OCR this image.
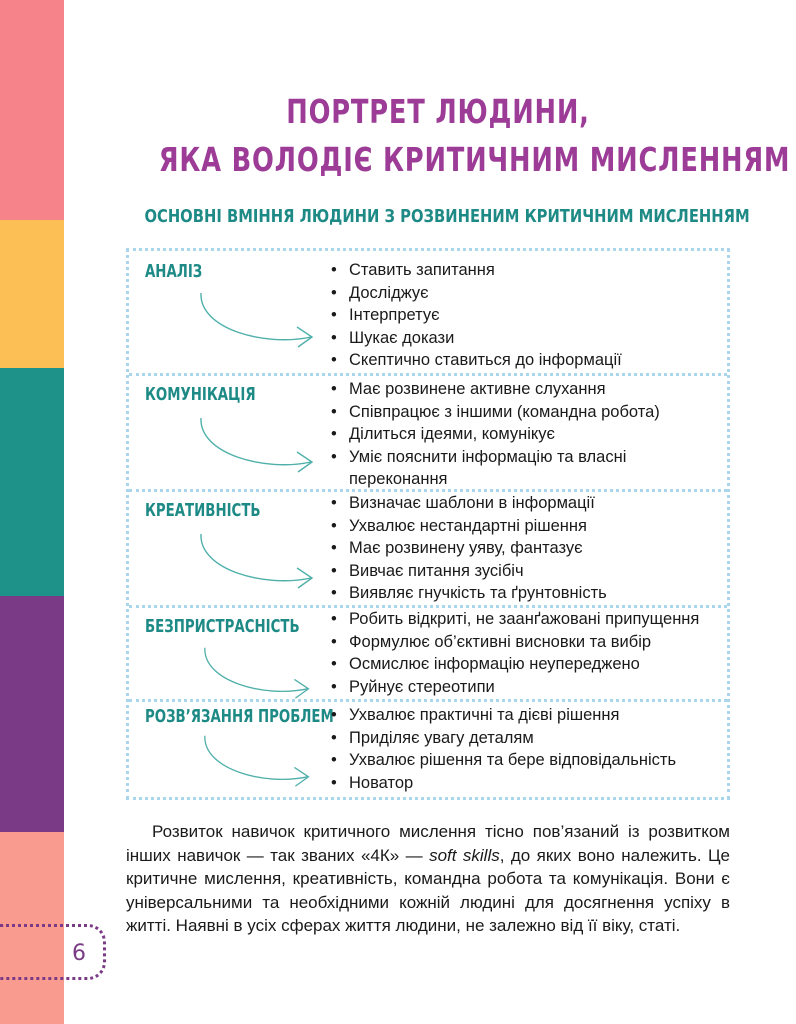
ПОРТРЕТ ЛЮДИНИ,
ЯКА ВОЛОДІЄ КРИТИЧНИМ МИСЛЕННЯМ
ОСНОВНІ ВМІННЯ ЛЮДИНИ З РОЗВИНЕНИМ КРИТИЧНИМ МИСЛЕННЯМ
АНАЛІЗ	• Ставить запитання
• Досліджує
• Інтерпретує
• Шукає докази
• Скептично ставиться до інформації
КОМУНІКАЦІЯ	• Має розвинене активне слухання
• Співпрацює з іншими (командна робота)
• Ділиться ідеями, комунікує
• Уміє пояснити інформацію та власні переконання
КРЕАТИВНІСТЬ	• Визначає шаблони в інформації
• Ухвалює нестандартні рішення
• Має розвинену уяву, фантазує
• Вивчає питання зусібіч
• Виявляє гнучкість та ґрунтовність
БЕЗПРИСТРАСНІСТЬ	• Робить відкриті, не заанґажовані припущення
• Формулює об’єктивні висновки та вибір
• Осмислює інформацію неупереджено
• Руйнує стереотипи
РОЗВ’ЯЗАННЯ ПРОБЛЕМ • Ухвалює практичні та дієві рішення
• Приділяє увагу деталям
• Ухвалює рішення та бере відповідальність
• Новатор

Розвиток навичок критичного мислення тісно пов’язаний із розвитком інших навичок — так званих «4К» — soft skills, до яких воно належить. Це критичне мислення, креативність, командна робота та комунікація. Вони є універсальними та необхідними кожній людині для досягнення успіху в житті. Наявні в усіх сферах життя людини, не залежно від її віку, статі.

6
